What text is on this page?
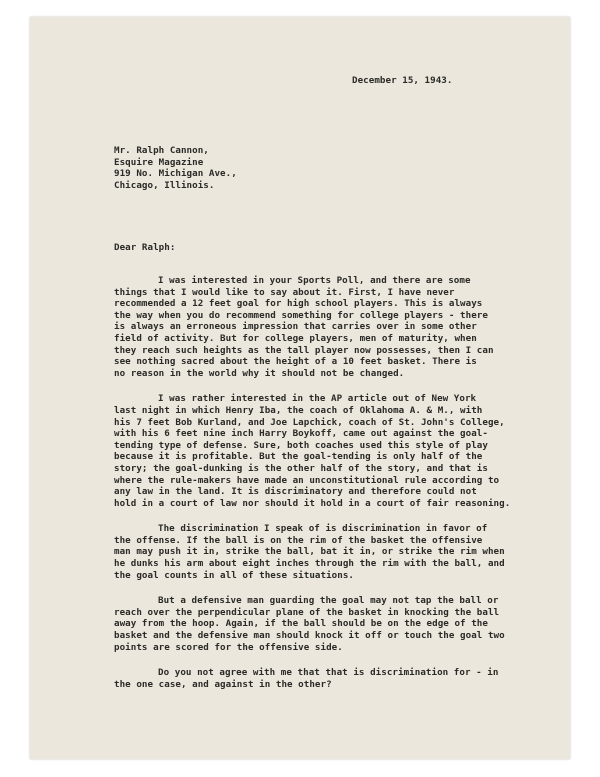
December 15, 1943.
Mr. Ralph Cannon,
Esquire Magazine
919 No. Michigan Ave.,
Chicago, Illinois.
Dear Ralph:
I was interested in your Sports Poll, and there are some
things that I would like to say about it. First, I have never
recommended a 12 feet goal for high school players. This is always
the way when you do recommend something for college players - there
is always an erroneous impression that carries over in some other
field of activity. But for college players, men of maturity, when
they reach such heights as the tall player now possesses, then I can
see nothing sacred about the height of a 10 feet basket. There is
no reason in the world why it should not be changed.
I was rather interested in the AP article out of New York
last night in which Henry Iba, the coach of Oklahoma A. & M., with
his 7 feet Bob Kurland, and Joe Lapchick, coach of St. John's College,
with his 6 feet nine inch Harry Boykoff, came out against the goal-
tending type of defense. Sure, both coaches used this style of play
because it is profitable. But the goal-tending is only half of the
story; the goal-dunking is the other half of the story, and that is
where the rule-makers have made an unconstitutional rule according to
any law in the land. It is discriminatory and therefore could not
hold in a court of law nor should it hold in a court of fair reasoning.
The discrimination I speak of is discrimination in favor of
the offense. If the ball is on the rim of the basket the offensive
man may push it in, strike the ball, bat it in, or strike the rim when
he dunks his arm about eight inches through the rim with the ball, and
the goal counts in all of these situations.
But a defensive man guarding the goal may not tap the ball or
reach over the perpendicular plane of the basket in knocking the ball
away from the hoop. Again, if the ball should be on the edge of the
basket and the defensive man should knock it off or touch the goal two
points are scored for the offensive side.
Do you not agree with me that that is discrimination for - in
the one case, and against in the other?
